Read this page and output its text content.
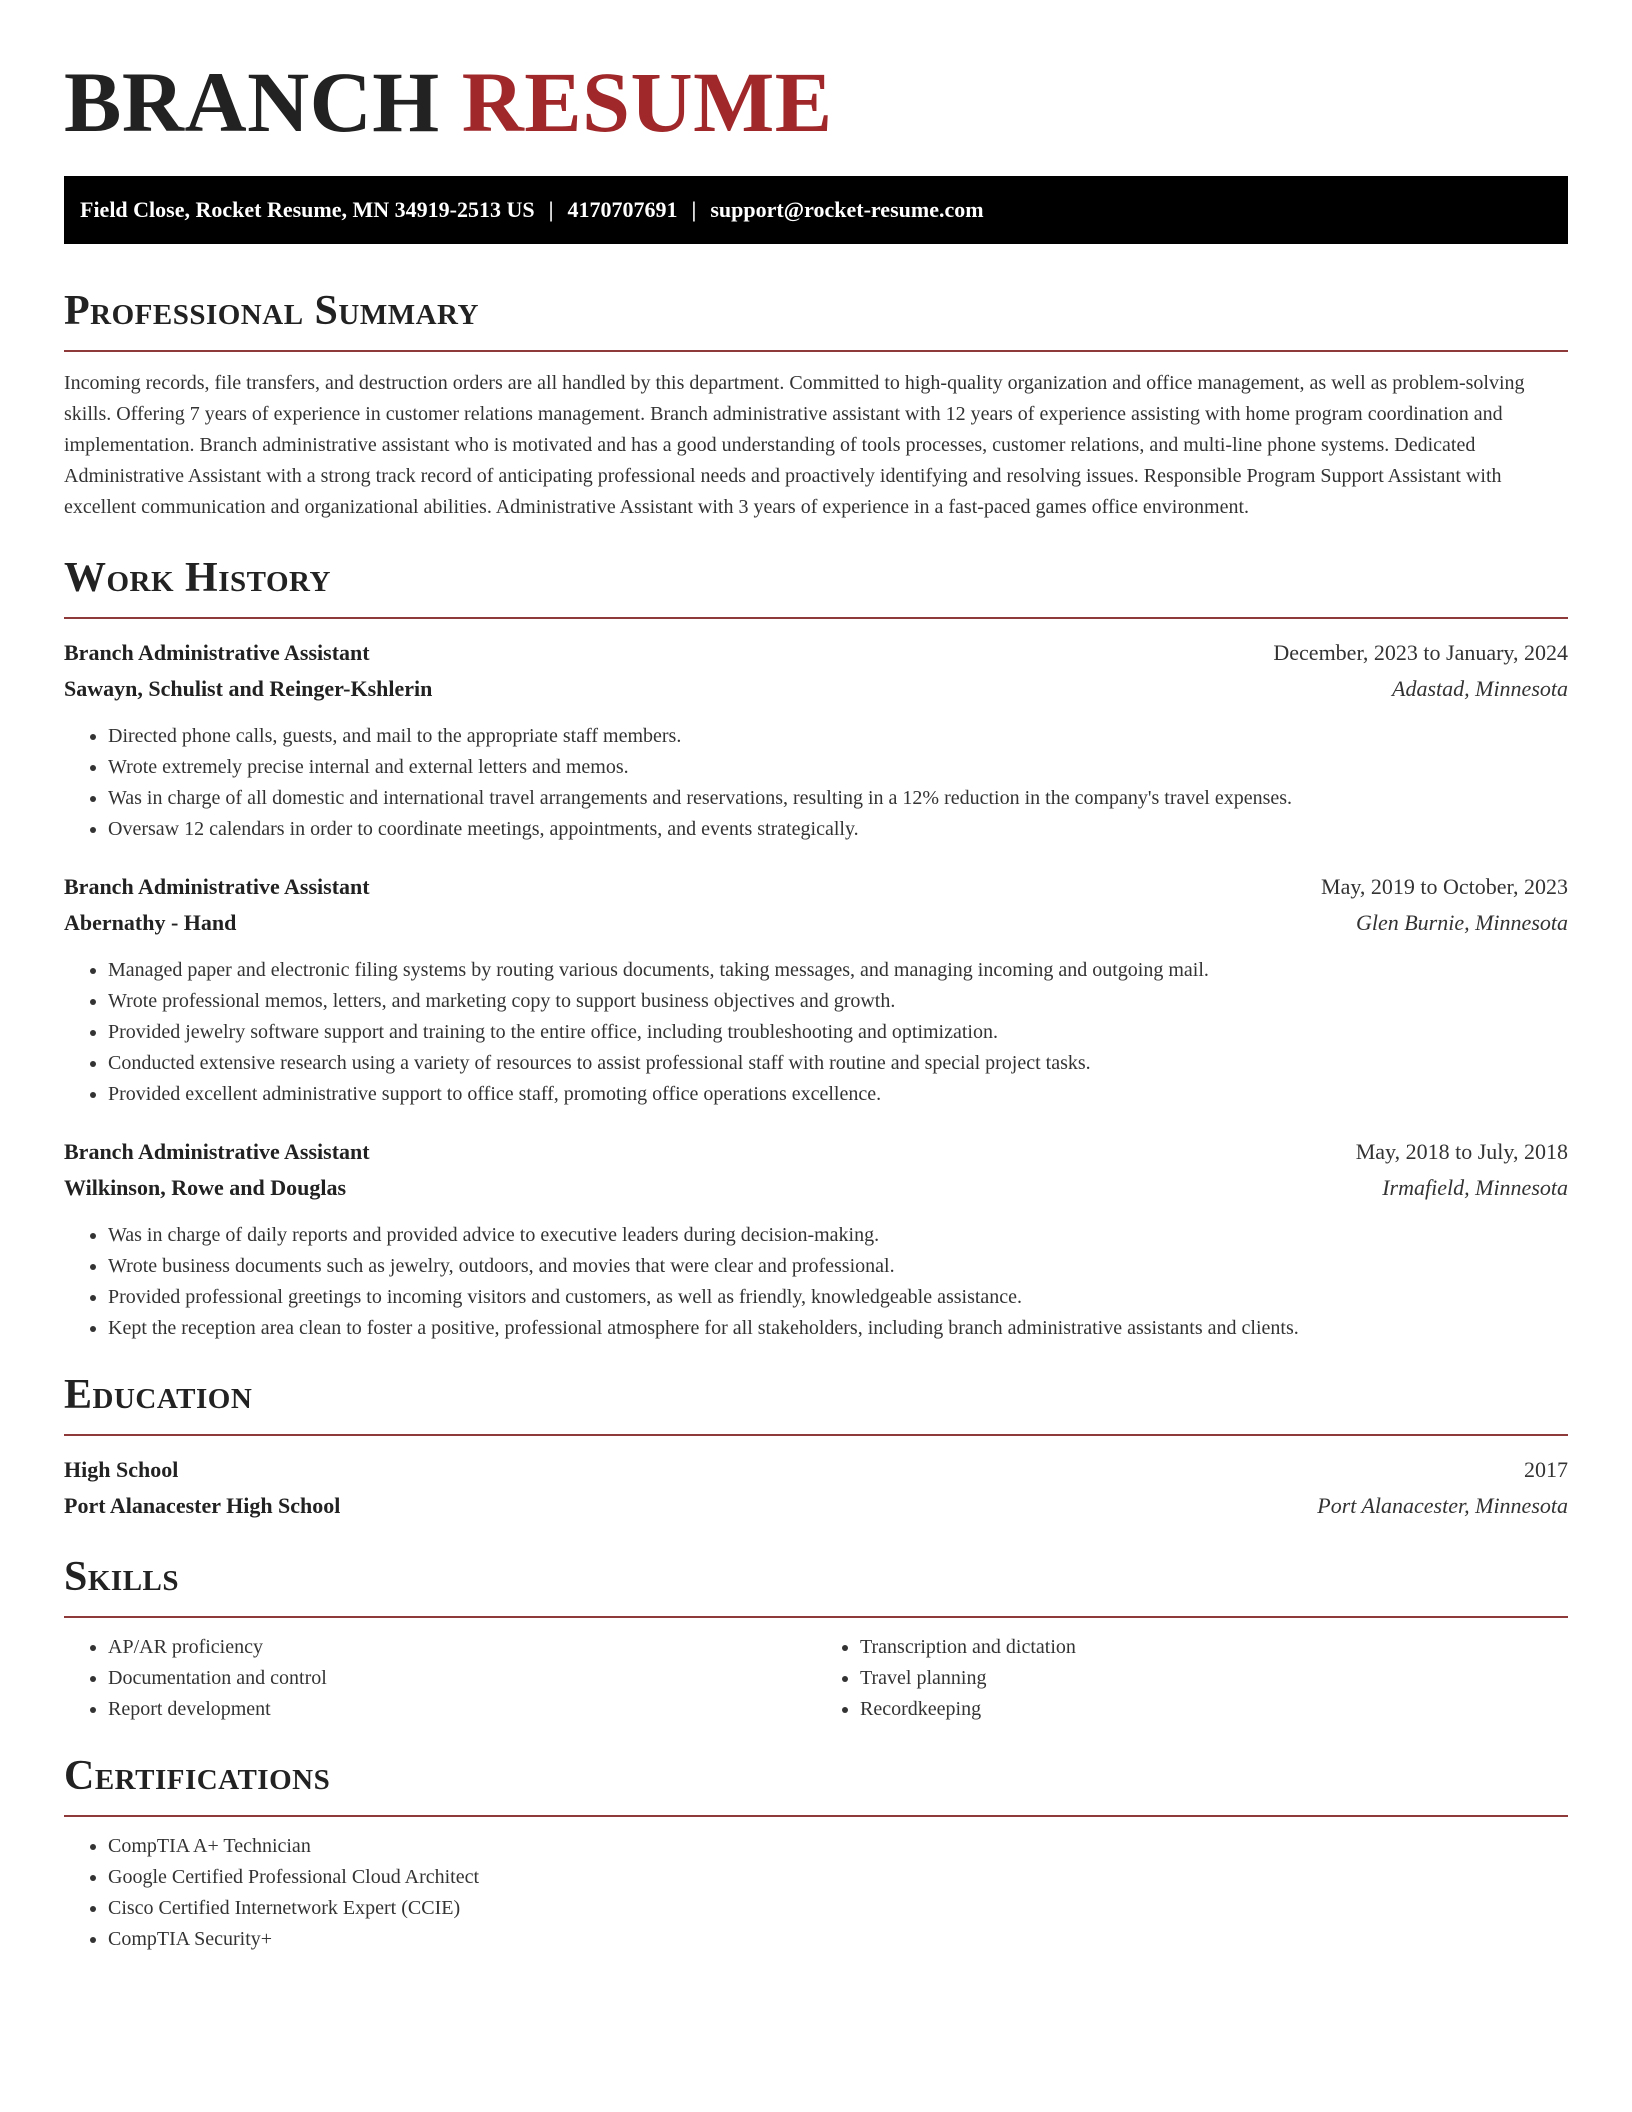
BRANCH RESUME
Field Close, Rocket Resume, MN 34919-2513 US | 4170707691 | support@rocket-resume.com
Professional Summary

Incoming records, file transfers, and destruction orders are all handled by this department. Committed to high-quality organization and office management, as well as problem-solving skills. Offering 7 years of experience in customer relations management. Branch administrative assistant with 12 years of experience assisting with home program coordination and implementation. Branch administrative assistant who is motivated and has a good understanding of tools processes, customer relations, and multi-line phone systems. Dedicated Administrative Assistant with a strong track record of anticipating professional needs and proactively identifying and resolving issues. Responsible Program Support Assistant with excellent communication and organizational abilities. Administrative Assistant with 3 years of experience in a fast-paced games office environment.

Work History
Branch Administrative Assistant	December, 2023 to January, 2024
Sawayn, Schulist and Reinger-Kshlerin	Adastad, Minnesota
• Directed phone calls, guests, and mail to the appropriate staff members.
• Wrote extremely precise internal and external letters and memos.
• Was in charge of all domestic and international travel arrangements and reservations, resulting in a 12% reduction in the company's travel expenses.
• Oversaw 12 calendars in order to coordinate meetings, appointments, and events strategically.
Branch Administrative Assistant	May, 2019 to October, 2023
Abernathy - Hand	Glen Burnie, Minnesota
• Managed paper and electronic filing systems by routing various documents, taking messages, and managing incoming and outgoing mail.
• Wrote professional memos, letters, and marketing copy to support business objectives and growth.
• Provided jewelry software support and training to the entire office, including troubleshooting and optimization.
• Conducted extensive research using a variety of resources to assist professional staff with routine and special project tasks.
• Provided excellent administrative support to office staff, promoting office operations excellence.
Branch Administrative Assistant	May, 2018 to July, 2018
Wilkinson, Rowe and Douglas	Irmafield, Minnesota
• Was in charge of daily reports and provided advice to executive leaders during decision-making.
• Wrote business documents such as jewelry, outdoors, and movies that were clear and professional.
• Provided professional greetings to incoming visitors and customers, as well as friendly, knowledgeable assistance.
• Kept the reception area clean to foster a positive, professional atmosphere for all stakeholders, including branch administrative assistants and clients.
Education
High School	2017
Port Alanacester High School	Port Alanacester, Minnesota
Skills
• AP/AR proficiency
• Documentation and control
• Report development
• Transcription and dictation
• Travel planning
• Recordkeeping
Certifications
• CompTIA A+ Technician
• Google Certified Professional Cloud Architect
• Cisco Certified Internetwork Expert (CCIE)
• CompTIA Security+
